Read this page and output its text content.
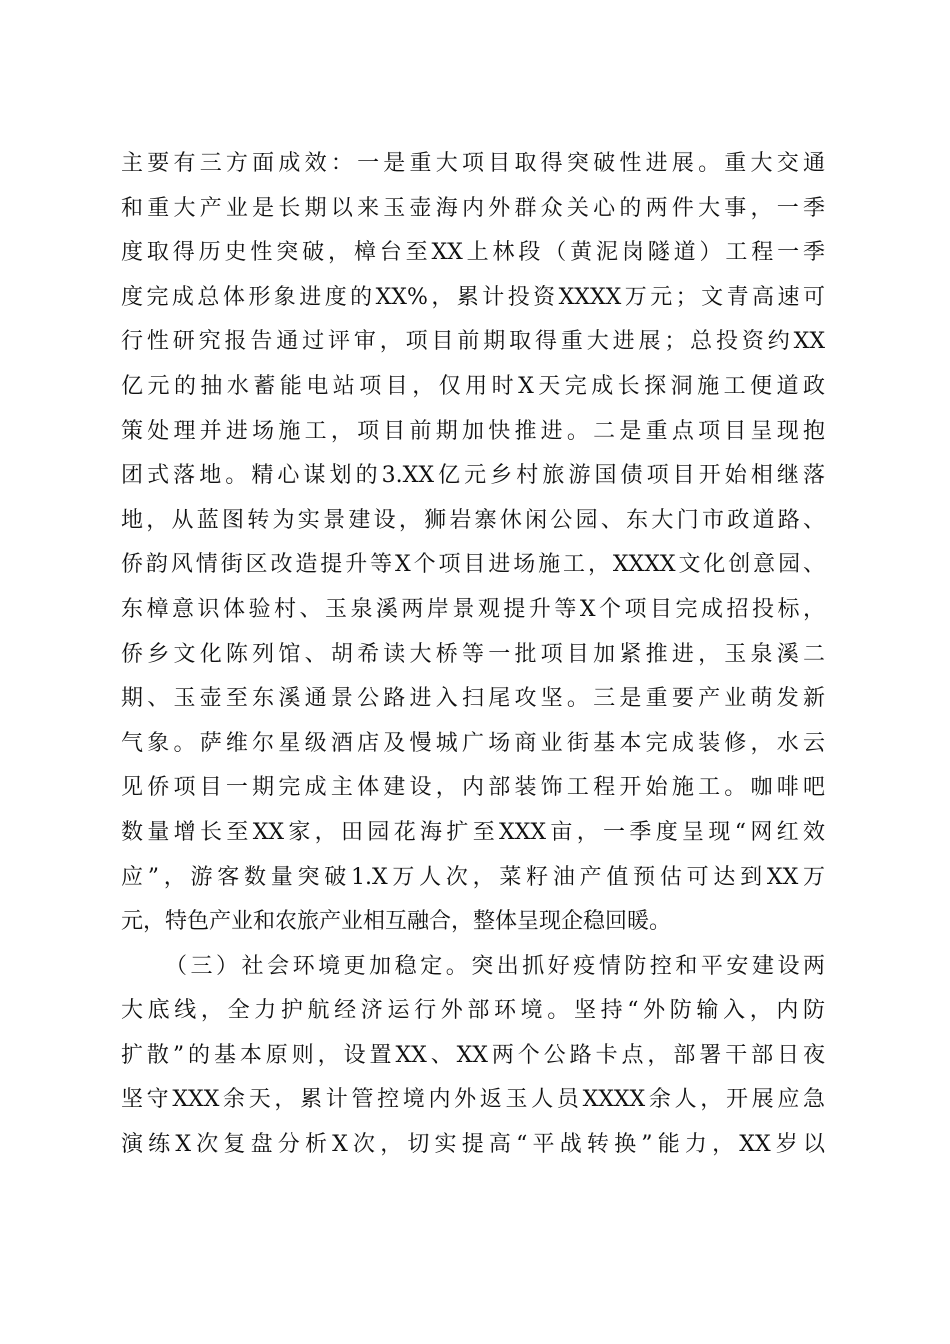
主要有三方面成效：一是重大项目取得突破性进展。重大交通
和重大产业是长期以来玉壶海内外群众关心的两件大事，一季
度取得历史性突破，樟台至XX上林段（黄泥岗隧道）工程一季
度完成总体形象进度的XX%，累计投资XXXX万元；文青高速可
行性研究报告通过评审，项目前期取得重大进展；总投资约XX
亿元的抽水蓄能电站项目，仅用时X天完成长探洞施工便道政
策处理并进场施工，项目前期加快推进。二是重点项目呈现抱
团式落地。精心谋划的3.XX亿元乡村旅游国债项目开始相继落
地，从蓝图转为实景建设，狮岩寨休闲公园、东大门市政道路、
侨韵风情街区改造提升等X个项目进场施工，XXXX文化创意园、
东樟意识体验村、玉泉溪两岸景观提升等X个项目完成招投标，
侨乡文化陈列馆、胡希读大桥等一批项目加紧推进，玉泉溪二
期、玉壶至东溪通景公路进入扫尾攻坚。三是重要产业萌发新
气象。萨维尔星级酒店及慢城广场商业街基本完成装修，水云
见侨项目一期完成主体建设，内部装饰工程开始施工。咖啡吧
数量增长至XX家，田园花海扩至XXX亩，一季度呈现“网红效
应”，游客数量突破1.X万人次，菜籽油产值预估可达到XX万
元，特色产业和农旅产业相互融合，整体呈现企稳回暖。
（三）社会环境更加稳定。突出抓好疫情防控和平安建设两
大底线，全力护航经济运行外部环境。坚持“外防输入，内防
扩散”的基本原则，设置XX、XX两个公路卡点，部署干部日夜
坚守XXX余天，累计管控境内外返玉人员XXXX余人，开展应急
演练X次复盘分析X次，切实提高“平战转换”能力，XX岁以
